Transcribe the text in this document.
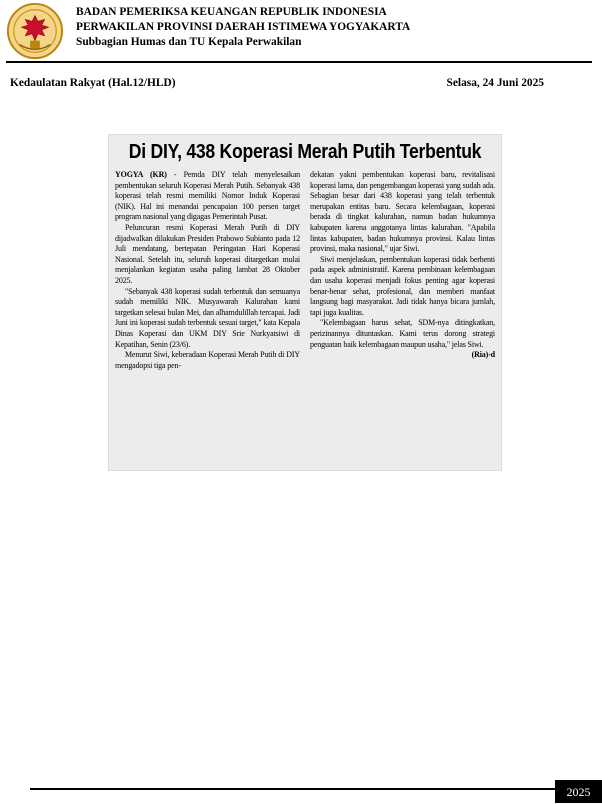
BADAN PEMERIKSA KEUANGAN REPUBLIK INDONESIA
PERWAKILAN PROVINSI DAERAH ISTIMEWA YOGYAKARTA
Subbagian Humas dan TU Kepala Perwakilan
Kedaulatan Rakyat (Hal.12/HLD)	Selasa, 24 Juni 2025
Di DIY, 438 Koperasi Merah Putih Terbentuk

YOGYA (KR) - Pemda DIY telah menyelesaikan pembentukan seluruh Koperasi Merah Putih. Sebanyak 438 koperasi telah resmi memiliki Nomor Induk Koperasi (NIK). Hal ini menandai pencapaian 100 persen target program nasional yang digagas Pemerintah Pusat.

Peluncuran resmi Koperasi Merah Putih di DIY dijadwalkan dilakukan Presiden Prabowo Subianto pada 12 Juli mendatang, bertepatan Peringatan Hari Koperasi Nasional. Setelah itu, seluruh koperasi ditargetkan mulai menjalankan kegiatan usaha paling lambat 28 Oktober 2025.

"Sebanyak 438 koperasi sudah terbentuk dan semuanya sudah memiliki NIK. Musyawarah Kalurahan kami targetkan selesai bulan Mei, dan alhamdulillah tercapai. Jadi Juni ini koperasi sudah terbentuk sesuai target," kata Kepala Dinas Koperasi dan UKM DIY Srie Nurkyatsiwi di Kepatihan, Senin (23/6).

Menurut Siwi, keberadaan Koperasi Merah Putih di DIY mengadopsi tiga pen-

dekatan yakni pembentukan koperasi baru, revitalisasi koperasi lama, dan pengembangan koperasi yang sudah ada. Sebagian besar dari 438 koperasi yang telah terbentuk merupakan entitas baru. Secara kelembagaan, koperasi berada di tingkat kalurahan, namun badan hukumnya kabupaten karena anggotanya lintas kalurahan. "Apabila lintas kabupaten, badan hukumnya provinsi. Kalau lintas provinsi, maka nasional," ujar Siwi.

Siwi menjelaskan, pembentukan koperasi tidak berhenti pada aspek administratif. Karena pembinaan kelembagaan dan usaha koperasi menjadi fokus penting agar koperasi benar-benar sehat, profesional, dan memberi manfaat langsung bagi masyarakat. Jadi tidak hanya bicara jumlah, tapi juga kualitas.

"Kelembagaan harus sehat, SDM-nya ditingkatkan, perizinannya dituntaskan. Kami terus dorong strategi penguatan baik kelembagaan maupun usaha," jelas Siwi.
(Ria)-d

2025
